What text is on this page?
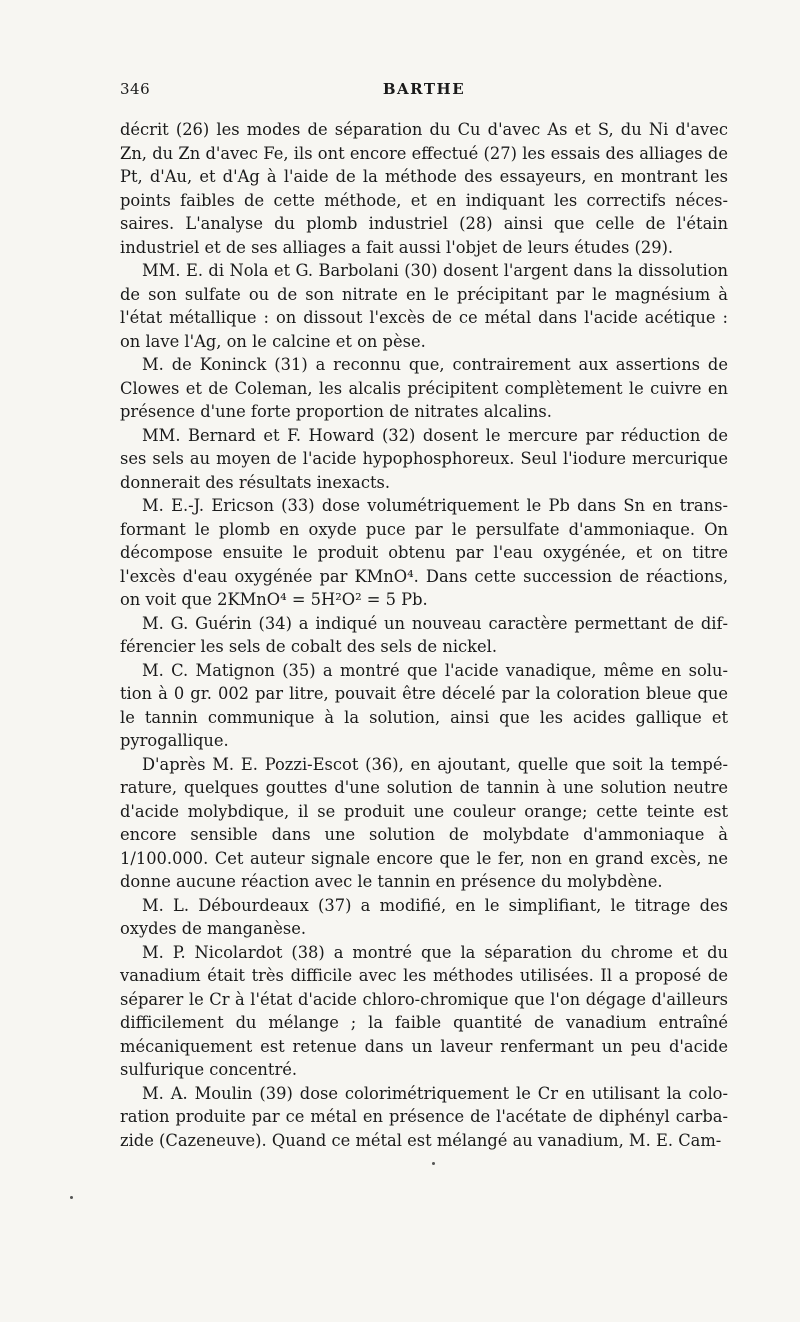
346	BARTHE

décrit (26) les modes de séparation du Cu d'avec As et S, du Ni d'avec Zn, du Zn d'avec Fe, ils ont encore effectué (27) les essais des alliages de Pt, d'Au, et d'Ag à l'aide de la méthode des essayeurs, en montrant les points faibles de cette méthode, et en indiquant les correctifs nécessaires. L'analyse du plomb industriel (28) ainsi que celle de l'étain industriel et de ses alliages a fait aussi l'objet de leurs études (29).

MM. E. di Nola et G. Barbolani (30) dosent l'argent dans la dissolution de son sulfate ou de son nitrate en le précipitant par le magnésium à l'état métallique : on dissout l'excès de ce métal dans l'acide acétique : on lave l'Ag, on le calcine et on pèse.

M. de Koninck (31) a reconnu que, contrairement aux assertions de Clowes et de Coleman, les alcalis précipitent complètement le cuivre en présence d'une forte proportion de nitrates alcalins.

MM. Bernard et F. Howard (32) dosent le mercure par réduction de ses sels au moyen de l'acide hypophosphoreux. Seul l'iodure mercurique donnerait des résultats inexacts.

M. E.-J. Ericson (33) dose volumétriquement le Pb dans Sn en transformant le plomb en oxyde puce par le persulfate d'ammoniaque. On décompose ensuite le produit obtenu par l'eau oxygénée, et on titre l'excès d'eau oxygénée par KMnO⁴. Dans cette succession de réactions, on voit que 2KMnO⁴ = 5H²O² = 5 Pb.

M. G. Guérin (34) a indiqué un nouveau caractère permettant de différencier les sels de cobalt des sels de nickel.

M. C. Matignon (35) a montré que l'acide vanadique, même en solution à 0 gr. 002 par litre, pouvait être décelé par la coloration bleue que le tannin communique à la solution, ainsi que les acides gallique et pyrogallique.

D'après M. E. Pozzi-Escot (36), en ajoutant, quelle que soit la température, quelques gouttes d'une solution de tannin à une solution neutre d'acide molybdique, il se produit une couleur orange; cette teinte est encore sensible dans une solution de molybdate d'ammoniaque à 1/100.000. Cet auteur signale encore que le fer, non en grand excès, ne donne aucune réaction avec le tannin en présence du molybdène.

M. L. Débourdeaux (37) a modifié, en le simplifiant, le titrage des oxydes de manganèse.

M. P. Nicolardot (38) a montré que la séparation du chrome et du vanadium était très difficile avec les méthodes utilisées. Il a proposé de séparer le Cr à l'état d'acide chloro-chromique que l'on dégage d'ailleurs difficilement du mélange ; la faible quantité de vanadium entraîné mécaniquement est retenue dans un laveur renfermant un peu d'acide sulfurique concentré.

M. A. Moulin (39) dose colorimétriquement le Cr en utilisant la coloration produite par ce métal en présence de l'acétate de diphényl carbazide (Cazeneuve). Quand ce métal est mélangé au vanadium, M. E. Cam-
